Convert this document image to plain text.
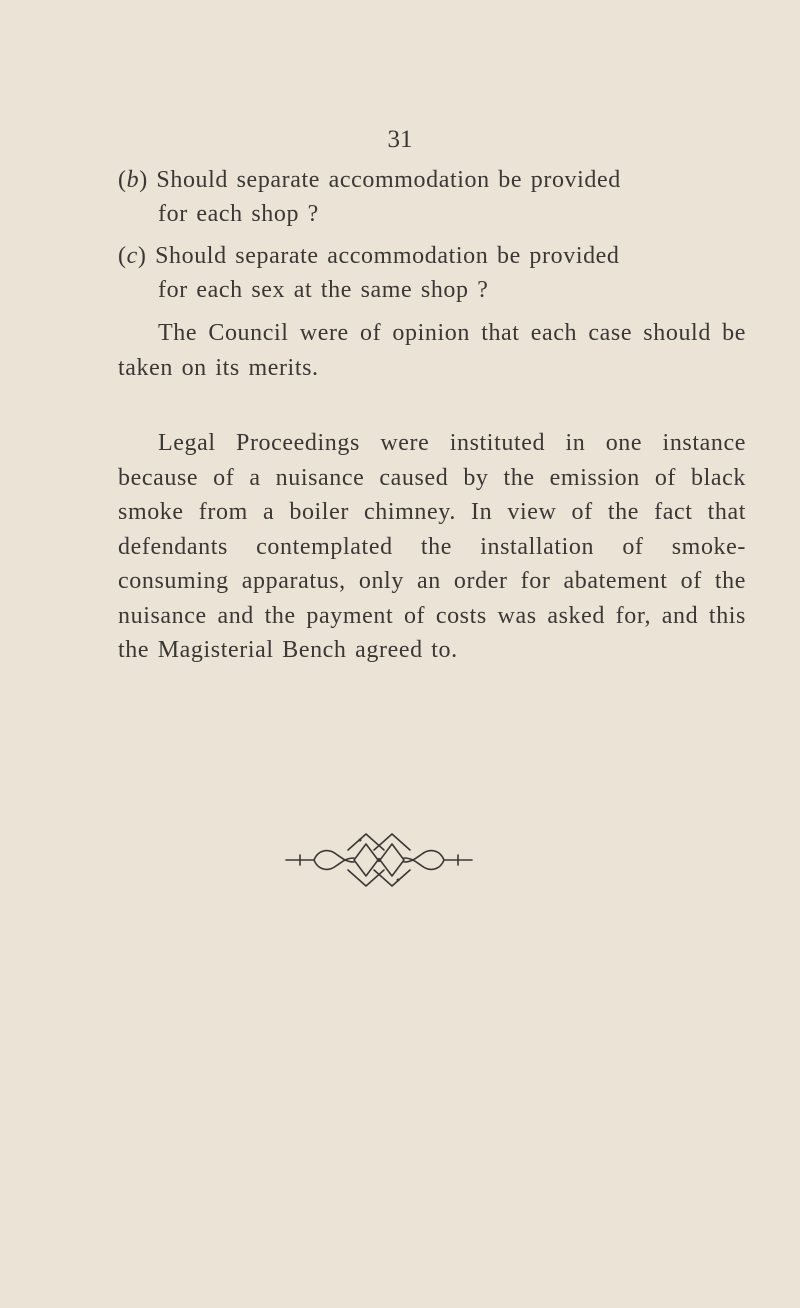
31
(b) Should separate accommodation be provided
for each shop ?
(c) Should separate accommodation be provided
for each sex at the same shop ?

The Council were of opinion that each case should be taken on its merits.

Legal Proceedings were instituted in one instance because of a nuisance caused by the emission of black smoke from a boiler chimney. In view of the fact that defendants contemplated the installation of smoke-consuming apparatus, only an order for abatement of the nuisance and the payment of costs was asked for, and this the Magisterial Bench agreed to.
